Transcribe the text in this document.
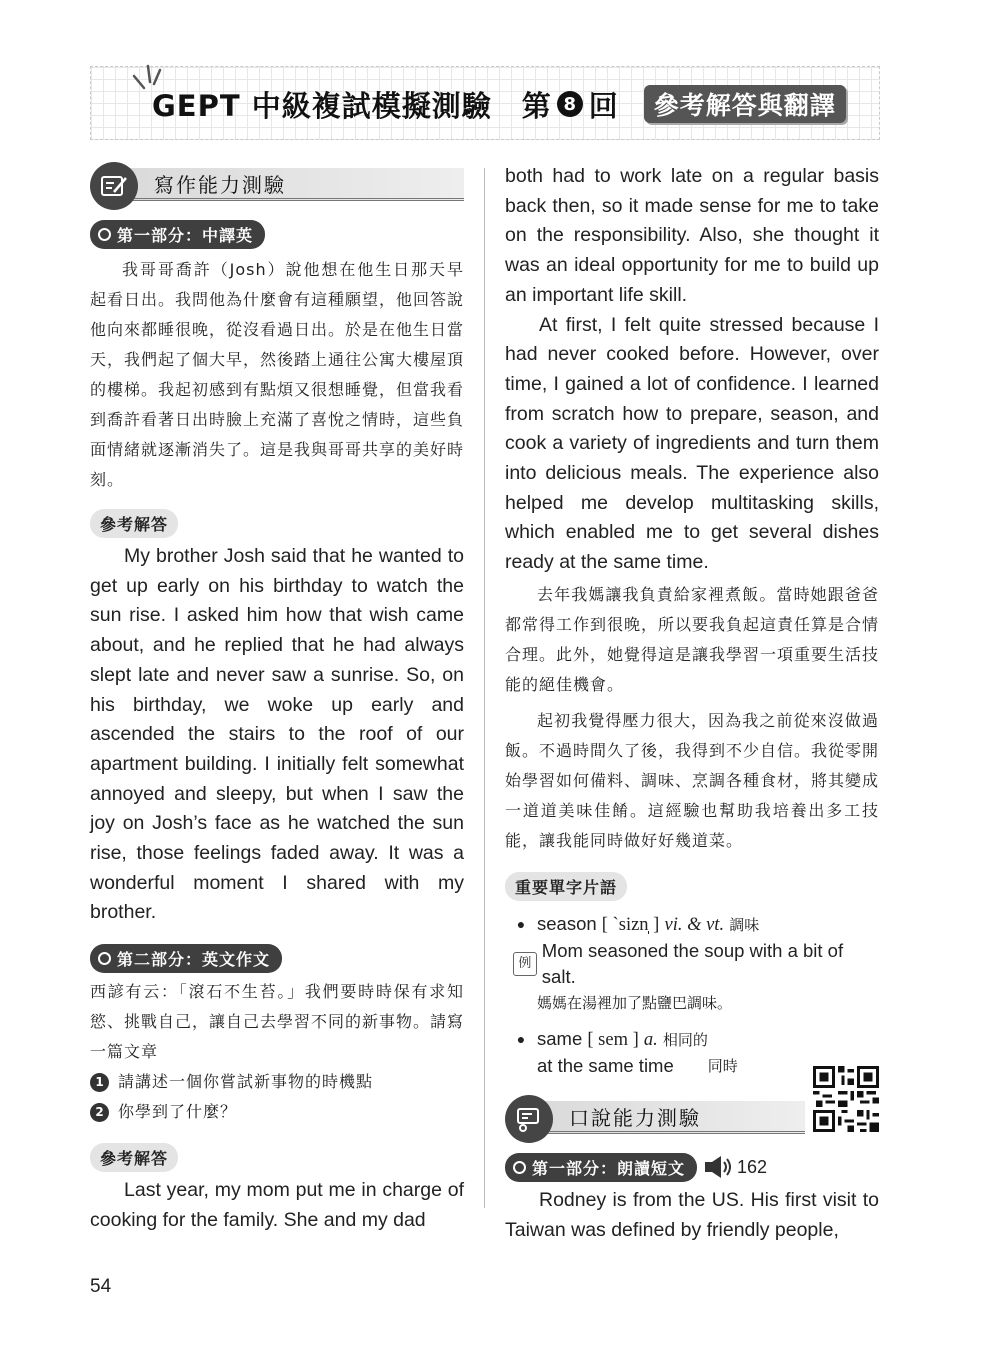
GEPT 中級複試模擬測驗 第 8 回	參考解答與翻譯
寫作能力測驗
第一部分：中譯英

我哥哥喬許（Josh）說他想在他生日那天早起看日出。我問他為什麼會有這種願望，他回答說他向來都睡很晚，從沒看過日出。於是在他生日當天，我們起了個大早，然後踏上通往公寓大樓屋頂的樓梯。我起初感到有點煩又很想睡覺，但當我看到喬許看著日出時臉上充滿了喜悅之情時，這些負面情緒就逐漸消失了。這是我與哥哥共享的美好時刻。

參考解答

My brother Josh said that he wanted to get up early on his birthday to watch the sun rise. I asked him how that wish came about, and he replied that he had always slept late and never saw a sunrise. So, on his birthday, we woke up early and ascended the stairs to the roof of our apartment building. I initially felt somewhat annoyed and sleepy, but when I saw the joy on Josh’s face as he watched the sun rise, those feelings faded away. It was a wonderful moment I shared with my brother.

第二部分：英文作文

西諺有云：「滾石不生苔。」我們要時時保有求知慾、挑戰自己，讓自己去學習不同的新事物。請寫一篇文章

1 請講述一個你嘗試新事物的時機點
2 你學到了什麼？
參考解答

Last year, my mom put me in charge of cooking for the family. She and my dad

both had to work late on a regular basis back then, so it made sense for me to take on the responsibility. Also, she thought it was an ideal opportunity for me to build up an important life skill.

At first, I felt quite stressed because I had never cooked before. However, over time, I gained a lot of confidence. I learned from scratch how to prepare, season, and cook a variety of ingredients and turn them into delicious meals. The experience also helped me develop multitasking skills, which enabled me to get several dishes ready at the same time.

去年我媽讓我負責給家裡煮飯。當時她跟爸爸都常得工作到很晚，所以要我負起這責任算是合情合理。此外，她覺得這是讓我學習一項重要生活技能的絕佳機會。

起初我覺得壓力很大，因為我之前從來沒做過飯。不過時間久了後，我得到不少自信。我從零開始學習如何備料、調味、烹調各種食材，將其變成一道道美味佳餚。這經驗也幫助我培養出多工技能，讓我能同時做好好幾道菜。

重要單字片語
● season [ ˋsizn̩ ] vi. & vt. 調味
例
Mom seasoned the soup with a bit of salt.
媽媽在湯裡加了點鹽巴調味。
● same [ sem ] a. 相同的
at the same time 同時
口說能力測驗
第一部分：朗讀短文	162

Rodney is from the US. His first visit to Taiwan was defined by friendly people,

54
